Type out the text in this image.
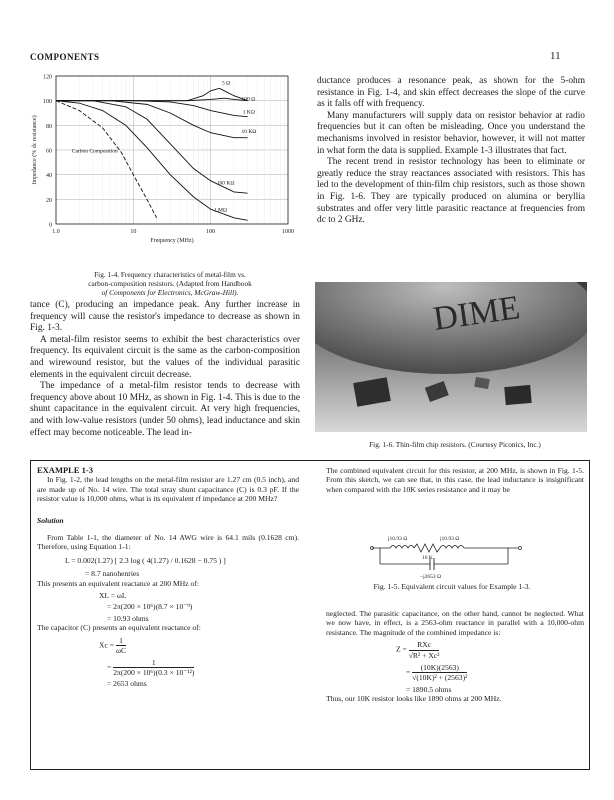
COMPONENTS	11
0
20
40
60
80
100
120
1.0	10	100	1000
Frequency (MHz)
Impedance (% dc resistance)
5 Ω
100 Ω
1 KΩ
10 KΩ
100 KΩ
1 MΩ
Carbon Composition
Fig. 1-4. Frequency characteristics of metal-film vs.
carbon-composition resistors. (Adapted from Handbook
of Components for Electronics, McGraw-Hill).

tance (C), producing an impedance peak. Any further increase in frequency will cause the resistor's impedance to decrease as shown in Fig. 1-3.

A metal-film resistor seems to exhibit the best characteristics over frequency. Its equivalent circuit is the same as the carbon-composition and wirewound resistor, but the values of the individual parasitic elements in the equivalent circuit decrease.

The impedance of a metal-film resistor tends to decrease with frequency above about 10 MHz, as shown in Fig. 1-4. This is due to the shunt capacitance in the equivalent circuit. At very high frequencies, and with low-value resistors (under 50 ohms), lead inductance and skin effect may become noticeable. The lead in-

ductance produces a resonance peak, as shown for the 5-ohm resistance in Fig. 1-4, and skin effect decreases the slope of the curve as it falls off with frequency.

Many manufacturers will supply data on resistor behavior at radio frequencies but it can often be misleading. Once you understand the mechanisms involved in resistor behavior, however, it will not matter in what form the data is supplied. Example 1-3 illustrates that fact.

The recent trend in resistor technology has been to eliminate or greatly reduce the stray reactances associated with resistors. This has led to the development of thin-film chip resistors, such as those shown in Fig. 1-6. They are typically produced on alumina or beryllia substrates and offer very little parasitic reactance at frequencies from dc to 2 GHz.

DIME
Fig. 1-6. Thin-film chip resistors. (Courtesy Piconics, Inc.)
EXAMPLE 1-3

In Fig. 1-2, the lead lengths on the metal-film resistor are 1.27 cm (0.5 inch), and are made up of No. 14 wire. The total stray shunt capacitance (C) is 0.3 pF. If the resistor value is 10,000 ohms, what is its equivalent rf impedance at 200 MHz?

Solution

From Table 1-1, the diameter of No. 14 AWG wire is 64.1 mils (0.1628 cm). Therefore, using Equation 1-1:

L = 0.002(1.27) [ 2.3 log ( 4(1.27) / 0.1628 − 0.75 ) ]
= 8.7 nanohenries

This presents an equivalent reactance at 200 MHz of:

XL = ωL
= 2π(200 × 10⁶)(8.7 × 10⁻⁹)
= 10.93 ohms

The capacitor (C) presents an equivalent reactance of:

$Xc = \frac{1}{\omega C}$
= $\frac{1}{\text{2π(200 × 10⁶)(0.3 × 10⁻¹²)}}$
= 2653 ohms

The combined equivalent circuit for this resistor, at 200 MHz, is shown in Fig. 1-5. From this sketch, we can see that, in this case, the lead inductance is insignificant when compared with the 10K series resistance and it may be

j10.93 Ω	j10.93 Ω
10 K
−j2653 Ω
Fig. 1-5. Equivalent circuit values for Example 1-3.

neglected. The parasitic capacitance, on the other hand, cannot be neglected. What we now have, in effect, is a 2563-ohm reactance in parallel with a 10,000-ohm resistance. The magnitude of the combined impedance is:

$Z = \frac{\text{RXc}}{\text{√R² + Xc²}}$
= $\frac{(10K)(2563)}{\text{√(10K)² + (2563)²}}$
= 1890.5 ohms

Thus, our 10K resistor looks like 1890 ohms at 200 MHz.
